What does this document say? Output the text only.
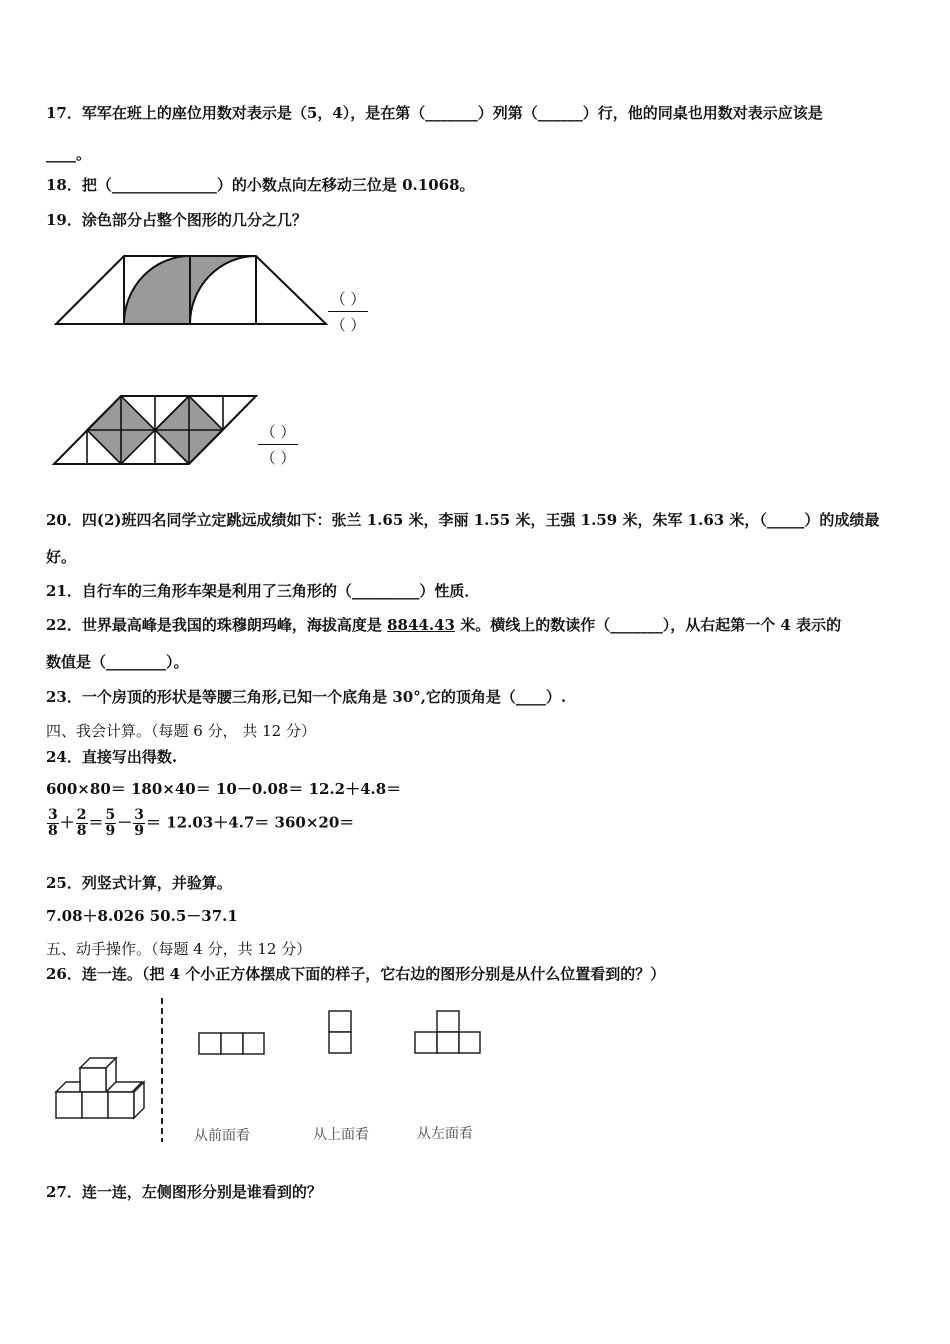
17．军军在班上的座位用数对表示是（5，4），是在第（_______）列第（______）行，他的同桌也用数对表示应该是
____。
18．把（______________）的小数点向左移动三位是 0.1068。
19．涂色部分占整个图形的几分之几？
（ ）
（ ）
（ ）
（ ）
20．四(2)班四名同学立定跳远成绩如下：张兰 1.65 米，李丽 1.55 米，王强 1.59 米，朱军 1.63 米，（_____）的成绩最
好。
21．自行车的三角形车架是利用了三角形的（_________）性质．
22．世界最高峰是我国的珠穆朗玛峰，海拔高度是 8844.43 米。横线上的数读作（_______），从右起第一个 4 表示的
数值是（________）。
23．一个房顶的形状是等腰三角形,已知一个底角是 30°,它的顶角是（____）.
四、我会计算。（每题 6 分， 共 12 分）
24．直接写出得数.
600×80＝ 180×40＝ 10－0.08＝ 12.2＋4.8＝
$\frac{3}{8} + \frac{2}{8} = \frac{5}{9} - \frac{3}{9} = 12.03+4.7= 360\times 20=$
25．列竖式计算，并验算。
7.08＋8.026 50.5－37.1
五、动手操作。（每题 4 分，共 12 分）
26．连一连。（把 4 个小正方体摆成下面的样子，它右边的图形分别是从什么位置看到的？）
从前面看	从上面看	从左面看
27．连一连，左侧图形分别是谁看到的？
